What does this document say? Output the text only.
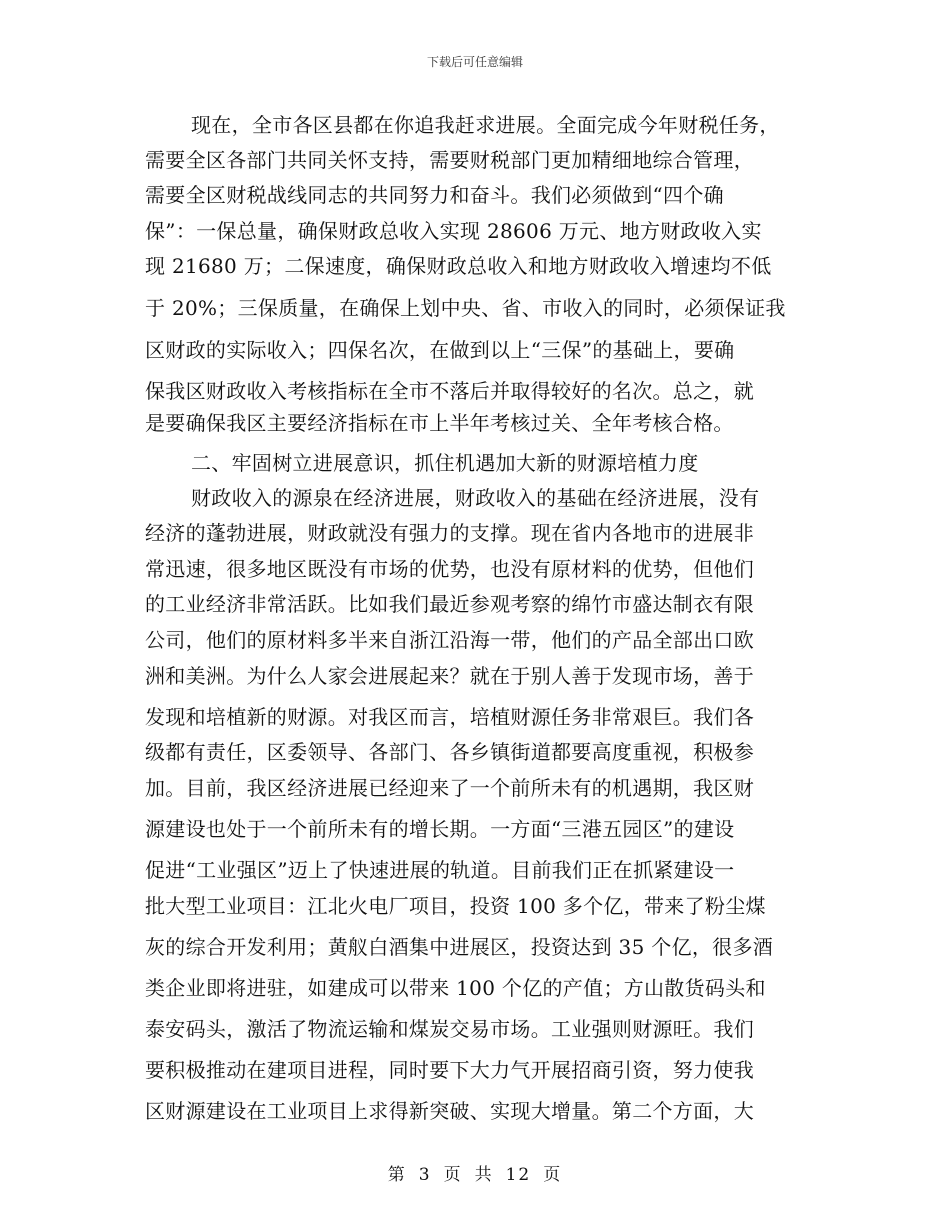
下载后可任意编辑
现在，全市各区县都在你追我赶求进展。全面完成今年财税任务，
需要全区各部门共同关怀支持，需要财税部门更加精细地综合管理，
需要全区财税战线同志的共同努力和奋斗。我们必须做到“四个确
保”：一保总量，确保财政总收入实现 28606 万元、地方财政收入实
现 21680 万；二保速度，确保财政总收入和地方财政收入增速均不低
于 20%；三保质量，在确保上划中央、省、市收入的同时，必须保证我
区财政的实际收入；四保名次，在做到以上“三保”的基础上，要确
保我区财政收入考核指标在全市不落后并取得较好的名次。总之，就
是要确保我区主要经济指标在市上半年考核过关、全年考核合格。
二、牢固树立进展意识，抓住机遇加大新的财源培植力度
财政收入的源泉在经济进展，财政收入的基础在经济进展，没有
经济的蓬勃进展，财政就没有强力的支撑。现在省内各地市的进展非
常迅速，很多地区既没有市场的优势，也没有原材料的优势，但他们
的工业经济非常活跃。比如我们最近参观考察的绵竹市盛达制衣有限
公司，他们的原材料多半来自浙江沿海一带，他们的产品全部出口欧
洲和美洲。为什么人家会进展起来？就在于别人善于发现市场，善于
发现和培植新的财源。对我区而言，培植财源任务非常艰巨。我们各
级都有责任，区委领导、各部门、各乡镇街道都要高度重视，积极参
加。目前，我区经济进展已经迎来了一个前所未有的机遇期，我区财
源建设也处于一个前所未有的增长期。一方面“三港五园区”的建设
促进“工业强区”迈上了快速进展的轨道。目前我们正在抓紧建设一
批大型工业项目：江北火电厂项目，投资 100 多个亿，带来了粉尘煤
灰的综合开发利用；黄舣白酒集中进展区，投资达到 35 个亿，很多酒
类企业即将进驻，如建成可以带来 100 个亿的产值；方山散货码头和
泰安码头，激活了物流运输和煤炭交易市场。工业强则财源旺。我们
要积极推动在建项目进程，同时要下大力气开展招商引资，努力使我
区财源建设在工业项目上求得新突破、实现大增量。第二个方面，大
第 3 页 共 12 页
